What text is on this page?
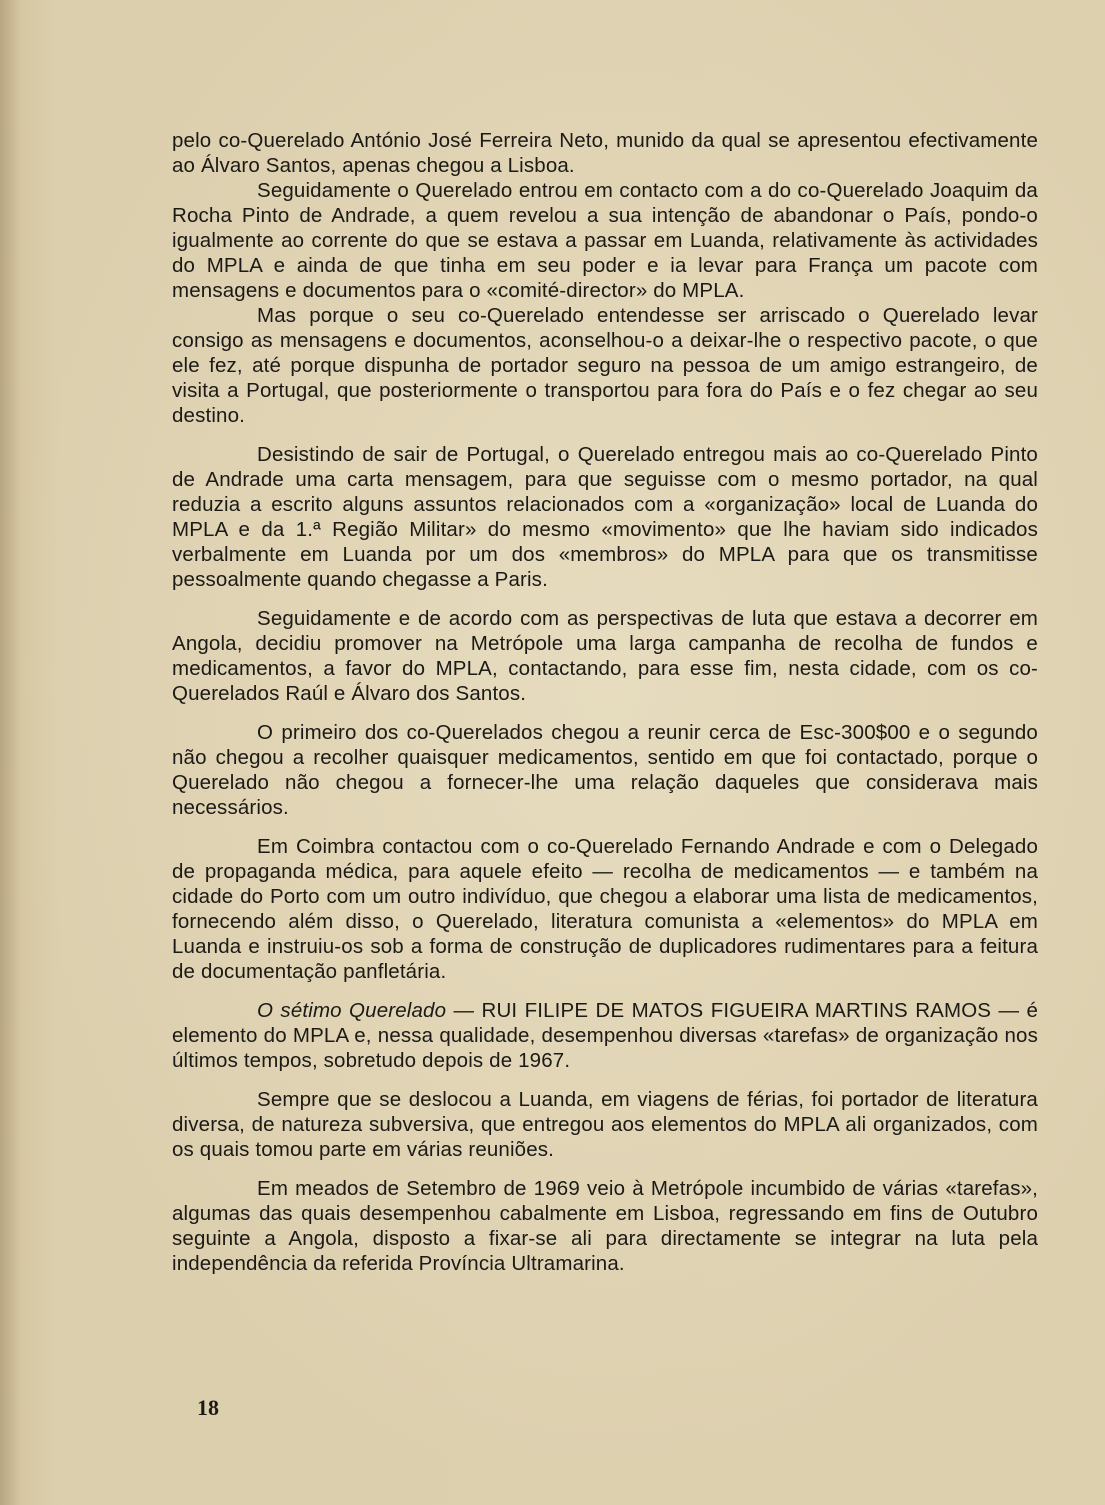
pelo co-Querelado António José Ferreira Neto, munido da qual se apresentou efectivamente ao Álvaro Santos, apenas chegou a Lisboa.

Seguidamente o Querelado entrou em contacto com a do co-Querelado Joaquim da Rocha Pinto de Andrade, a quem revelou a sua intenção de abandonar o País, pondo-o igualmente ao corrente do que se estava a passar em Luanda, relativamente às actividades do MPLA e ainda de que tinha em seu poder e ia levar para França um pacote com mensagens e documentos para o «comité-director» do MPLA.

Mas porque o seu co-Querelado entendesse ser arriscado o Querelado levar consigo as mensagens e documentos, aconselhou-o a deixar-lhe o respectivo pacote, o que ele fez, até porque dispunha de portador seguro na pessoa de um amigo estrangeiro, de visita a Portugal, que posteriormente o transportou para fora do País e o fez chegar ao seu destino.

Desistindo de sair de Portugal, o Querelado entregou mais ao co-Querelado Pinto de Andrade uma carta mensagem, para que seguisse com o mesmo portador, na qual reduzia a escrito alguns assuntos relacionados com a «organização» local de Luanda do MPLA e da 1.ª Região Militar» do mesmo «movimento» que lhe haviam sido indicados verbalmente em Luanda por um dos «membros» do MPLA para que os transmitisse pessoalmente quando chegasse a Paris.

Seguidamente e de acordo com as perspectivas de luta que estava a decorrer em Angola, decidiu promover na Metrópole uma larga campanha de recolha de fundos e medicamentos, a favor do MPLA, contactando, para esse fim, nesta cidade, com os co-Querelados Raúl e Álvaro dos Santos.

O primeiro dos co-Querelados chegou a reunir cerca de Esc-300$00 e o segundo não chegou a recolher quaisquer medicamentos, sentido em que foi contactado, porque o Querelado não chegou a fornecer-lhe uma relação daqueles que considerava mais necessários.

Em Coimbra contactou com o co-Querelado Fernando Andrade e com o Delegado de propaganda médica, para aquele efeito — recolha de medicamentos — e também na cidade do Porto com um outro indivíduo, que chegou a elaborar uma lista de medicamentos, fornecendo além disso, o Querelado, literatura comunista a «elementos» do MPLA em Luanda e instruiu-os sob a forma de construção de duplicadores rudimentares para a feitura de documentação panfletária.

O sétimo Querelado — RUI FILIPE DE MATOS FIGUEIRA MARTINS RAMOS — é elemento do MPLA e, nessa qualidade, desempenhou diversas «tarefas» de organização nos últimos tempos, sobretudo depois de 1967.

Sempre que se deslocou a Luanda, em viagens de férias, foi portador de literatura diversa, de natureza subversiva, que entregou aos elementos do MPLA ali organizados, com os quais tomou parte em várias reuniões.

Em meados de Setembro de 1969 veio à Metrópole incumbido de várias «tarefas», algumas das quais desempenhou cabalmente em Lisboa, regressando em fins de Outubro seguinte a Angola, disposto a fixar-se ali para directamente se integrar na luta pela independência da referida Província Ultramarina.

18
